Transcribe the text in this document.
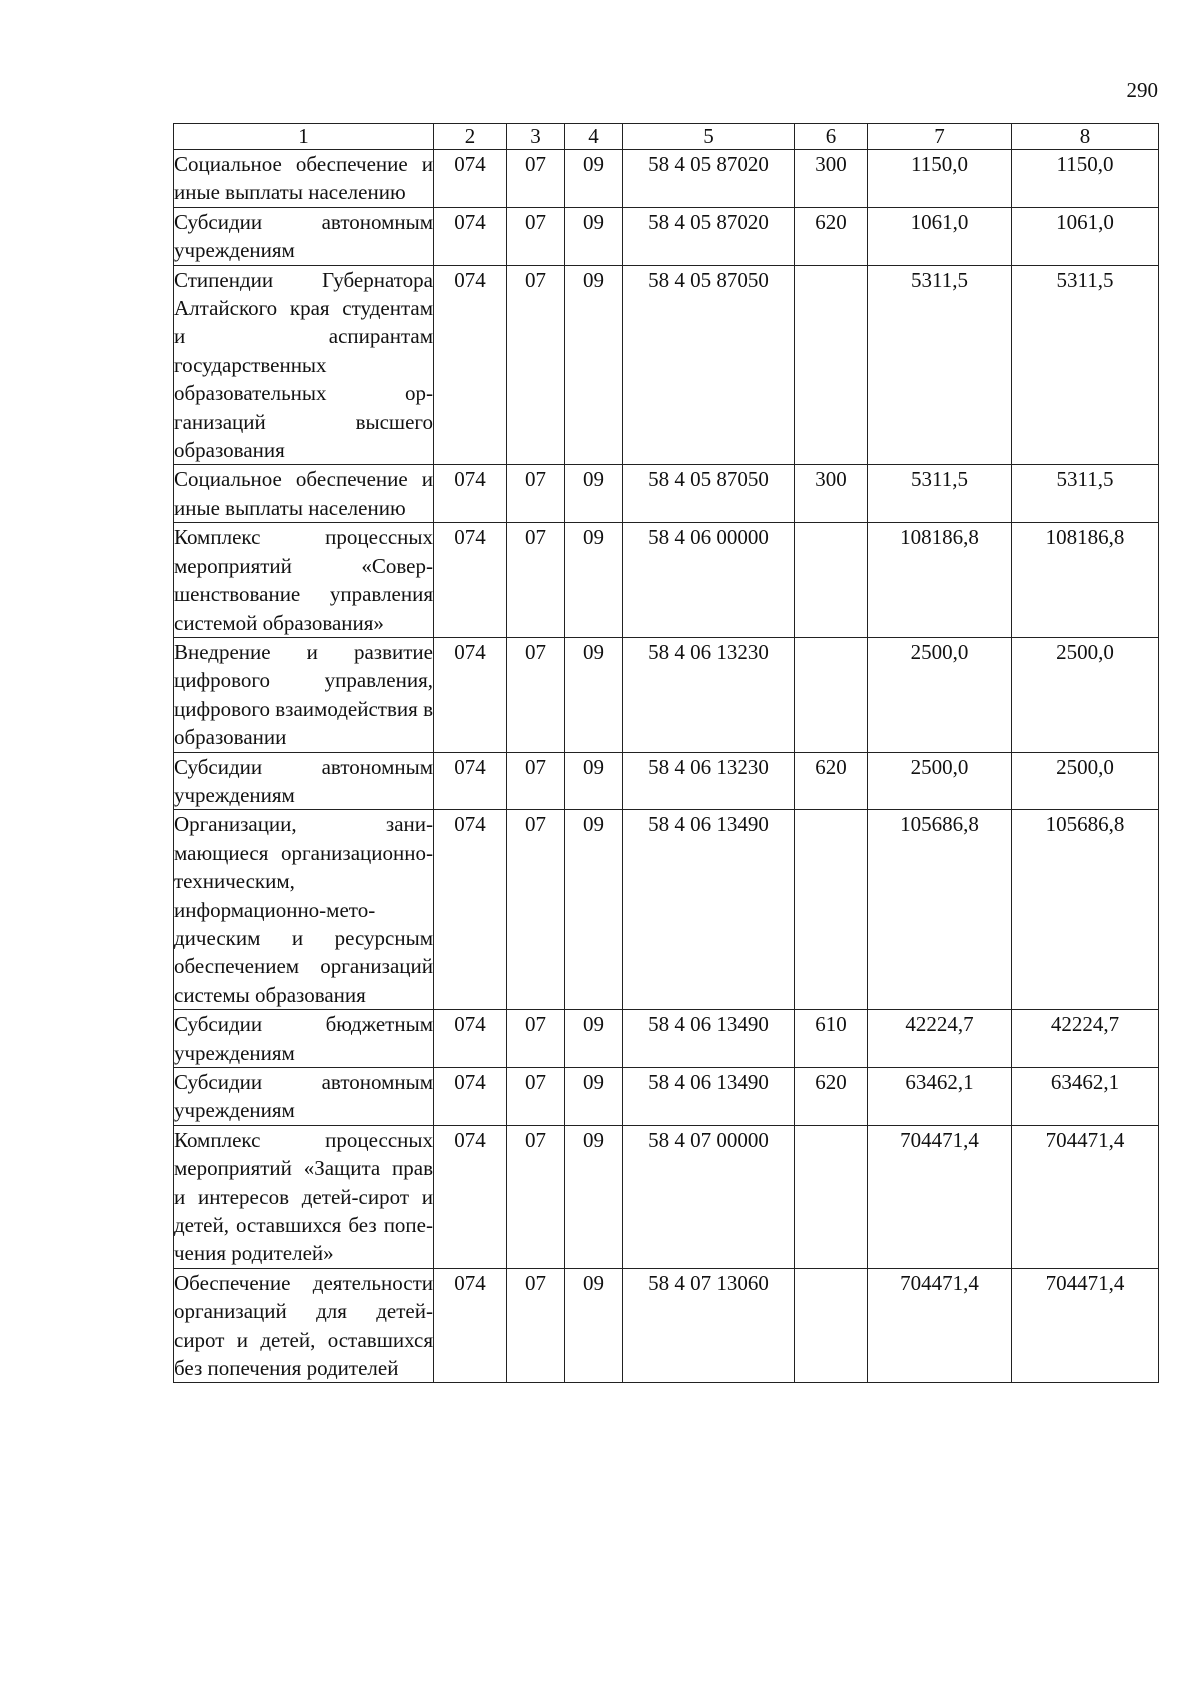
290
1	2	3	4	5	6	7	8
Социальное обеспечение и иные выплаты населению	074	07	09	58 4 05 87020	300	1150,0	1150,0
Субсидии автономным учреждениям	074	07	09	58 4 05 87020	620	1061,0	1061,0
Стипендии Губернатора Алтайского края студентам и аспирантам государственных образовательных организаций высшего образования	074	07	09	58 4 05 87050		5311,5	5311,5
Социальное обеспечение и иные выплаты населению	074	07	09	58 4 05 87050	300	5311,5	5311,5
Комплекс процессных мероприятий «Совершенствование управления системой образования»	074	07	09	58 4 06 00000		108186,8	108186,8
Внедрение и развитие цифрового управления, цифрового взаимодействия в образовании	074	07	09	58 4 06 13230		2500,0	2500,0
Субсидии автономным учреждениям	074	07	09	58 4 06 13230	620	2500,0	2500,0
Организации, занимающиеся организационно-техническим, информационно-методическим и ресурсным обеспечением организаций системы образования	074	07	09	58 4 06 13490		105686,8	105686,8
Субсидии бюджетным учреждениям	074	07	09	58 4 06 13490	610	42224,7	42224,7
Субсидии автономным учреждениям	074	07	09	58 4 06 13490	620	63462,1	63462,1
Комплекс процессных мероприятий «Защита прав и интересов детей-сирот и детей, оставшихся без попечения родителей»	074	07	09	58 4 07 00000		704471,4	704471,4
Обеспечение деятельности организаций для детей-сирот и детей, оставшихся без попечения родителей	074	07	09	58 4 07 13060		704471,4	704471,4
